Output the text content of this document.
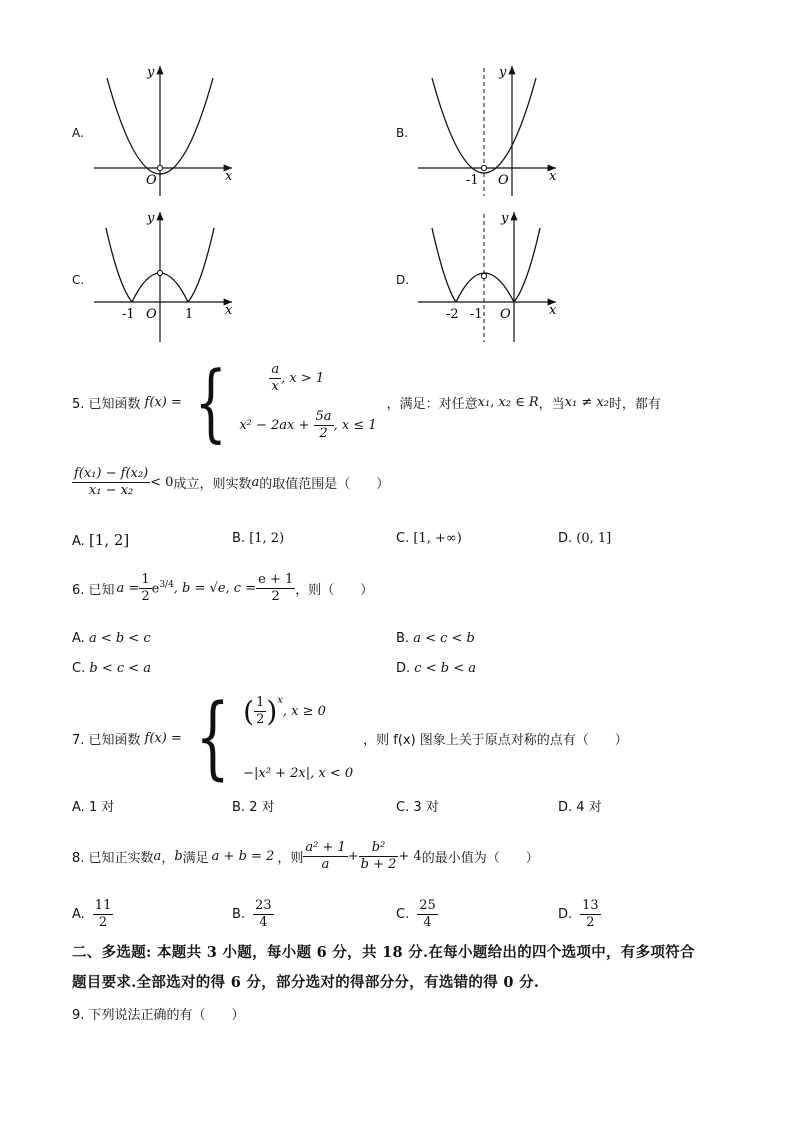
A.
O	x
y
B.
-1 O	x
y
C.
-1 O 1 x
y
D.
-2 -1 O	x
y
5. 已知函数 f(x) = {	$\frac{a}{x}$ , x > 1
$x^2 - 2ax + \frac{5a}{2}$ , x ≤ 1
，满足：对任意 x₁, x₂ ∈ R ，当 x₁ ≠ x₂ 时，都有
$\frac{\text{f(x₁) − f(x₂)}}{\text{x₁ − x₂}} < 0$ 成立，则实数 a 的取值范围是（　　）
A. [1, 2]	B. [1, 2)	C. [1, +∞)	D. (0, 1]
6. 已知 $a = \frac{1}{2} e^{3/4}$ , b = √e, $c = \frac{e + 1}{2}$ ，则（　　）
A. a < b < c	B. a < c < b
C. b < c < a	D. c < b < a
7. 已知函数 f(x) = { ( $\frac{1}{2} )^x$
, x ≥ 0
−|x² + 2x|, x < 0
，则 f(x) 图象上关于原点对称的点有（　　）
A. 1 对	B. 2 对	C. 3 对	D. 4 对
8. 已知正实数 a ， b 满足 a + b = 2 ，则 $\frac{\text{a² + 1}}{a} + \frac{\text{b²}}{b + 2} + 4$ 的最小值为（　　）
A. $\frac{11}{2}$	B. $\frac{23}{4}$	C. $\frac{25}{4}$	D. $\frac{13}{2}$
二、多选题: 本题共 3 小题，每小题 6 分，共 18 分.在每小题给出的四个选项中，有多项符合
题目要求.全部选对的得 6 分，部分选对的得部分分，有选错的得 0 分.
9. 下列说法正确的有（　　）
